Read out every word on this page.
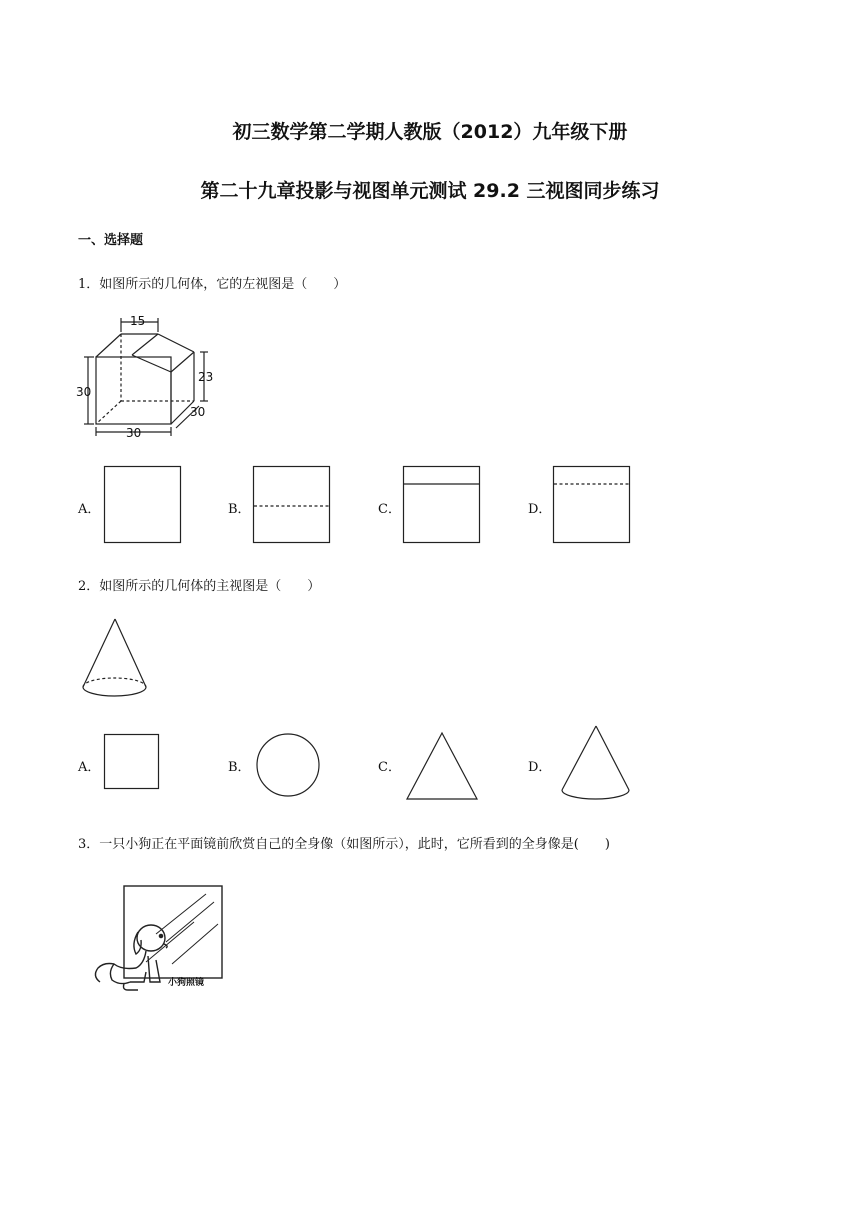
初三数学第二学期人教版（2012）九年级下册
第二十九章投影与视图单元测试 29.2 三视图同步练习
一、选择题
1．如图所示的几何体，它的左视图是（　　）
15
30
23
30
30
A．	B．	C．	D．
2．如图所示的几何体的主视图是（　　）
A．	B．	C．	D．
3．一只小狗正在平面镜前欣赏自己的全身像（如图所示），此时，它所看到的全身像是(　　)
小狗照镜
